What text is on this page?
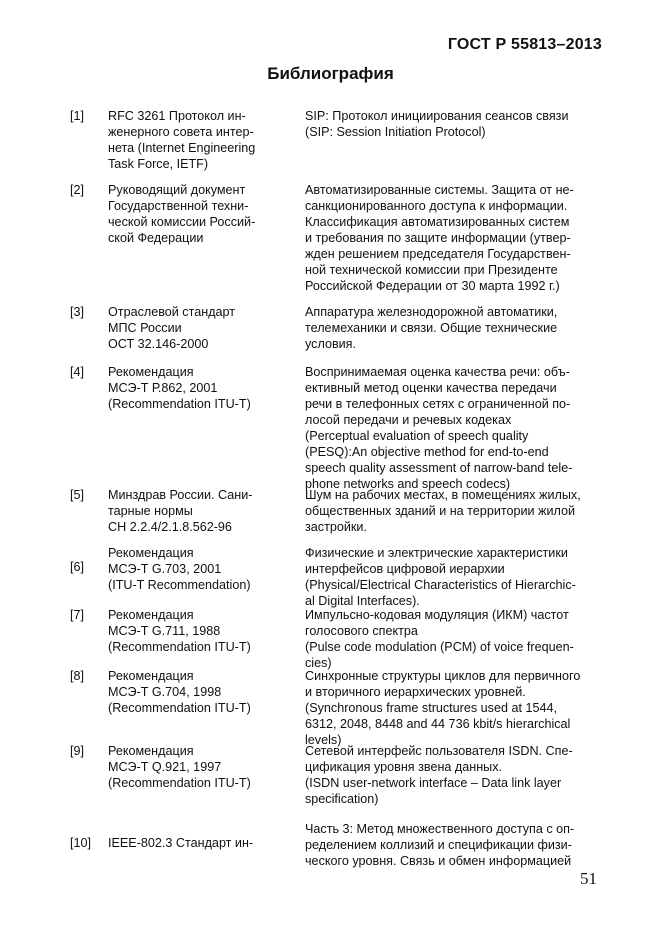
ГОСТ Р 55813–2013
Библиография
[1] RFC 3261 Протокол ин-
женерного совета интер-
нета (Internet Engineering
Task Force, IETF)
SIP: Протокол инициирования сеансов связи
(SIP: Session Initiation Protocol)
[2] Руководящий документ
Государственной техни-
ческой комиссии Россий-
ской Федерации
Автоматизированные системы. Защита от не-
санкционированного доступа к информации.
Классификация автоматизированных систем
и требования по защите информации (утвер-
жден решением председателя Государствен-
ной технической комиссии при Президенте
Российской Федерации от 30 марта 1992 г.)
[3] Отраслевой стандарт
МПС России
ОСТ 32.146-2000
Аппаратура железнодорожной автоматики,
телемеханики и связи. Общие технические
условия.
[4] Рекомендация
МСЭ-Т Р.862, 2001
(Recommendation ITU-T)
Воспринимаемая оценка качества речи: объ-
ективный метод оценки качества передачи
речи в телефонных сетях с ограниченной по-
лосой передачи и речевых кодеках
(Perceptual evaluation of speech quality
(PESQ):An objective method for end-to-end
speech quality assessment of narrow-band tele-
phone networks and speech codecs)
[5] Минздрав России. Сани-
тарные нормы
СН 2.2.4/2.1.8.562-96
Шум на рабочих местах, в помещениях жилых,
общественных зданий и на территории жилой
застройки.
[6]
Рекомендация
МСЭ-Т G.703, 2001
(ITU-T Recommendation)
Физические и электрические характеристики
интерфейсов цифровой иерархии
(Physical/Electrical Characteristics of Hierarchic-
al Digital Interfaces).
[7] Рекомендация
МСЭ-Т G.711, 1988
(Recommendation ITU-T)
Импульсно-кодовая модуляция (ИКМ) частот
голосового спектра
(Pulse code modulation (PCM) of voice frequen-
cies)
[8] Рекомендация
МСЭ-Т G.704, 1998
(Recommendation ITU-T)
Синхронные структуры циклов для первичного
и вторичного иерархических уровней.
(Synchronous frame structures used at 1544,
6312, 2048, 8448 and 44 736 kbit/s hierarchical
levels)
[9] Рекомендация
МСЭ-Т Q.921, 1997
(Recommendation ITU-T)
Сетевой интерфейс пользователя ISDN. Спе-
цификация уровня звена данных.
(ISDN user-network interface – Data link layer
specification)
[10] IEEE-802.3 Стандарт ин-
Часть 3: Метод множественного доступа с оп-
ределением коллизий и спецификации физи-
ческого уровня. Связь и обмен информацией
51
